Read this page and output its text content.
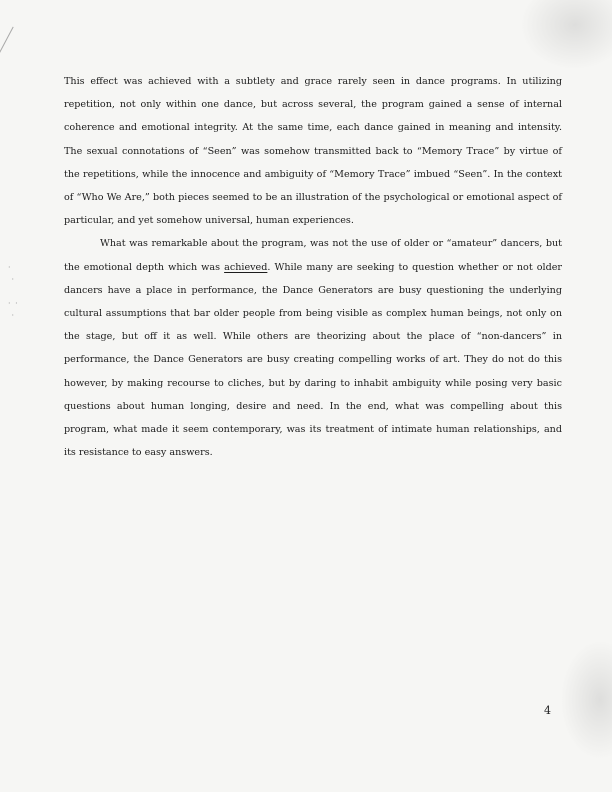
·
·

· ·
·

This effect was achieved with a subtlety and grace rarely seen in dance programs. In utilizing repetition, not only within one dance, but across several, the program gained a sense of internal coherence and emotional integrity. At the same time, each dance gained in meaning and intensity. The sexual connotations of “Seen” was somehow transmitted back to “Memory Trace” by virtue of the repetitions, while the innocence and ambiguity of “Memory Trace” imbued “Seen”. In the context of “Who We Are,” both pieces seemed to be an illustration of the psychological or emotional aspect of particular, and yet somehow universal, human experiences.

What was remarkable about the program, was not the use of older or “amateur” dancers, but the emotional depth which was achieved. While many are seeking to question whether or not older dancers have a place in performance, the Dance Generators are busy questioning the underlying cultural assumptions that bar older people from being visible as complex human beings, not only on the stage, but off it as well. While others are theorizing about the place of “non-dancers” in performance, the Dance Generators are busy creating compelling works of art. They do not do this however, by making recourse to cliches, but by daring to inhabit ambiguity while posing very basic questions about human longing, desire and need. In the end, what was compelling about this program, what made it seem contemporary, was its treatment of intimate human relationships, and its resistance to easy answers.

4
